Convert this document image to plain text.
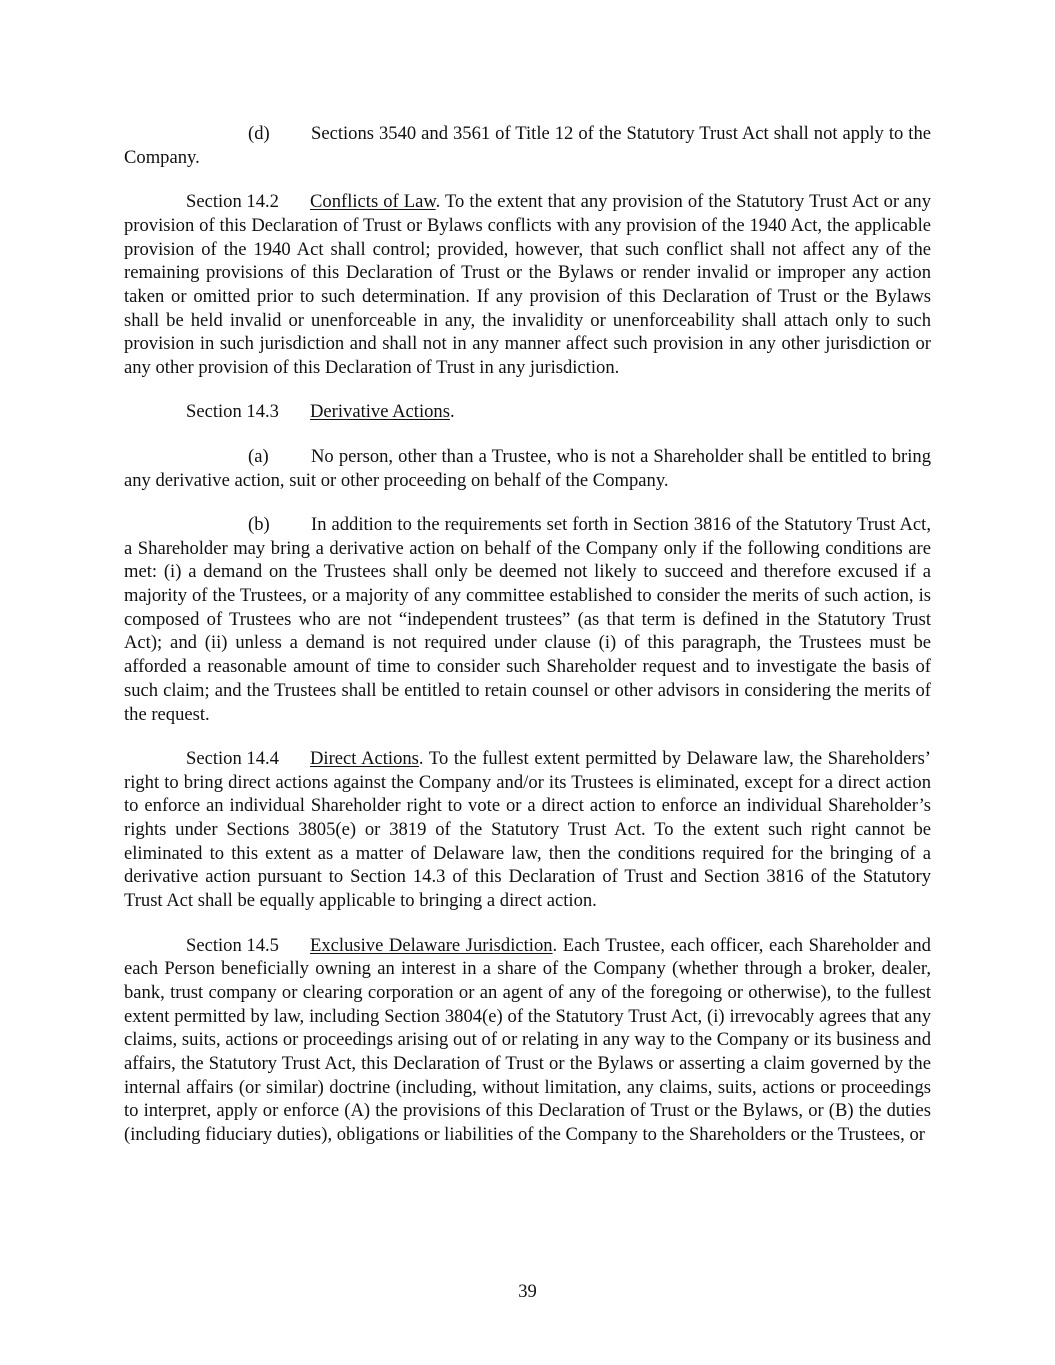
(d) Sections 3540 and 3561 of Title 12 of the Statutory Trust Act shall not apply to the Company.

Section 14.2 Conflicts of Law. To the extent that any provision of the Statutory Trust Act or any provision of this Declaration of Trust or Bylaws conflicts with any provision of the 1940 Act, the applicable provision of the 1940 Act shall control; provided, however, that such conflict shall not affect any of the remaining provisions of this Declaration of Trust or the Bylaws or render invalid or improper any action taken or omitted prior to such determination. If any provision of this Declaration of Trust or the Bylaws shall be held invalid or unenforceable in any, the invalidity or unenforceability shall attach only to such provision in such jurisdiction and shall not in any manner affect such provision in any other jurisdiction or any other provision of this Declaration of Trust in any jurisdiction.

Section 14.3 Derivative Actions.

(a) No person, other than a Trustee, who is not a Shareholder shall be entitled to bring any derivative action, suit or other proceeding on behalf of the Company.

(b) In addition to the requirements set forth in Section 3816 of the Statutory Trust Act, a Shareholder may bring a derivative action on behalf of the Company only if the following conditions are met: (i) a demand on the Trustees shall only be deemed not likely to succeed and therefore excused if a majority of the Trustees, or a majority of any committee established to consider the merits of such action, is composed of Trustees who are not “independent trustees” (as that term is defined in the Statutory Trust Act); and (ii) unless a demand is not required under clause (i) of this paragraph, the Trustees must be afforded a reasonable amount of time to consider such Shareholder request and to investigate the basis of such claim; and the Trustees shall be entitled to retain counsel or other advisors in considering the merits of the request.

Section 14.4 Direct Actions. To the fullest extent permitted by Delaware law, the Shareholders’ right to bring direct actions against the Company and/or its Trustees is eliminated, except for a direct action to enforce an individual Shareholder right to vote or a direct action to enforce an individual Shareholder’s rights under Sections 3805(e) or 3819 of the Statutory Trust Act. To the extent such right cannot be eliminated to this extent as a matter of Delaware law, then the conditions required for the bringing of a derivative action pursuant to Section 14.3 of this Declaration of Trust and Section 3816 of the Statutory Trust Act shall be equally applicable to bringing a direct action.

Section 14.5 Exclusive Delaware Jurisdiction. Each Trustee, each officer, each Shareholder and each Person beneficially owning an interest in a share of the Company (whether through a broker, dealer, bank, trust company or clearing corporation or an agent of any of the foregoing or otherwise), to the fullest extent permitted by law, including Section 3804(e) of the Statutory Trust Act, (i) irrevocably agrees that any claims, suits, actions or proceedings arising out of or relating in any way to the Company or its business and affairs, the Statutory Trust Act, this Declaration of Trust or the Bylaws or asserting a claim governed by the internal affairs (or similar) doctrine (including, without limitation, any claims, suits, actions or proceedings to interpret, apply or enforce (A) the provisions of this Declaration of Trust or the Bylaws, or (B) the duties (including fiduciary duties), obligations or liabilities of the Company to the Shareholders or the Trustees, or

39
